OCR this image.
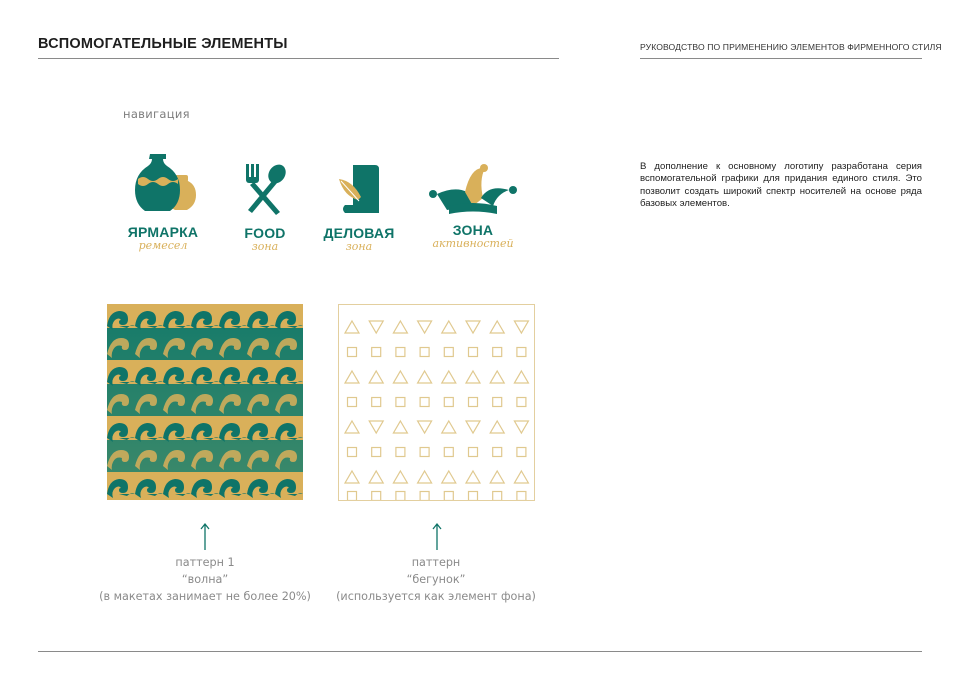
ВСПОМОГАТЕЛЬНЫЕ ЭЛЕМЕНТЫ	РУКОВОДСТВО ПО ПРИМЕНЕНИЮ ЭЛЕМЕНТОВ ФИРМЕННОГО СТИЛЯ
навигация
ЯРМАРКА
ремесел
FOOD
зона
ДЕЛОВАЯ
зона
ЗОНА
активностей
В дополнение к основному логотипу разработана серия вспомогательной графики для придания единого стиля. Это позволит создать широкий спектр носителей на основе ряда базовых элементов.
паттерн 1
“волна”
(в макетах занимает не более 20%)
паттерн
“бегунок”
(используется как элемент фона)
